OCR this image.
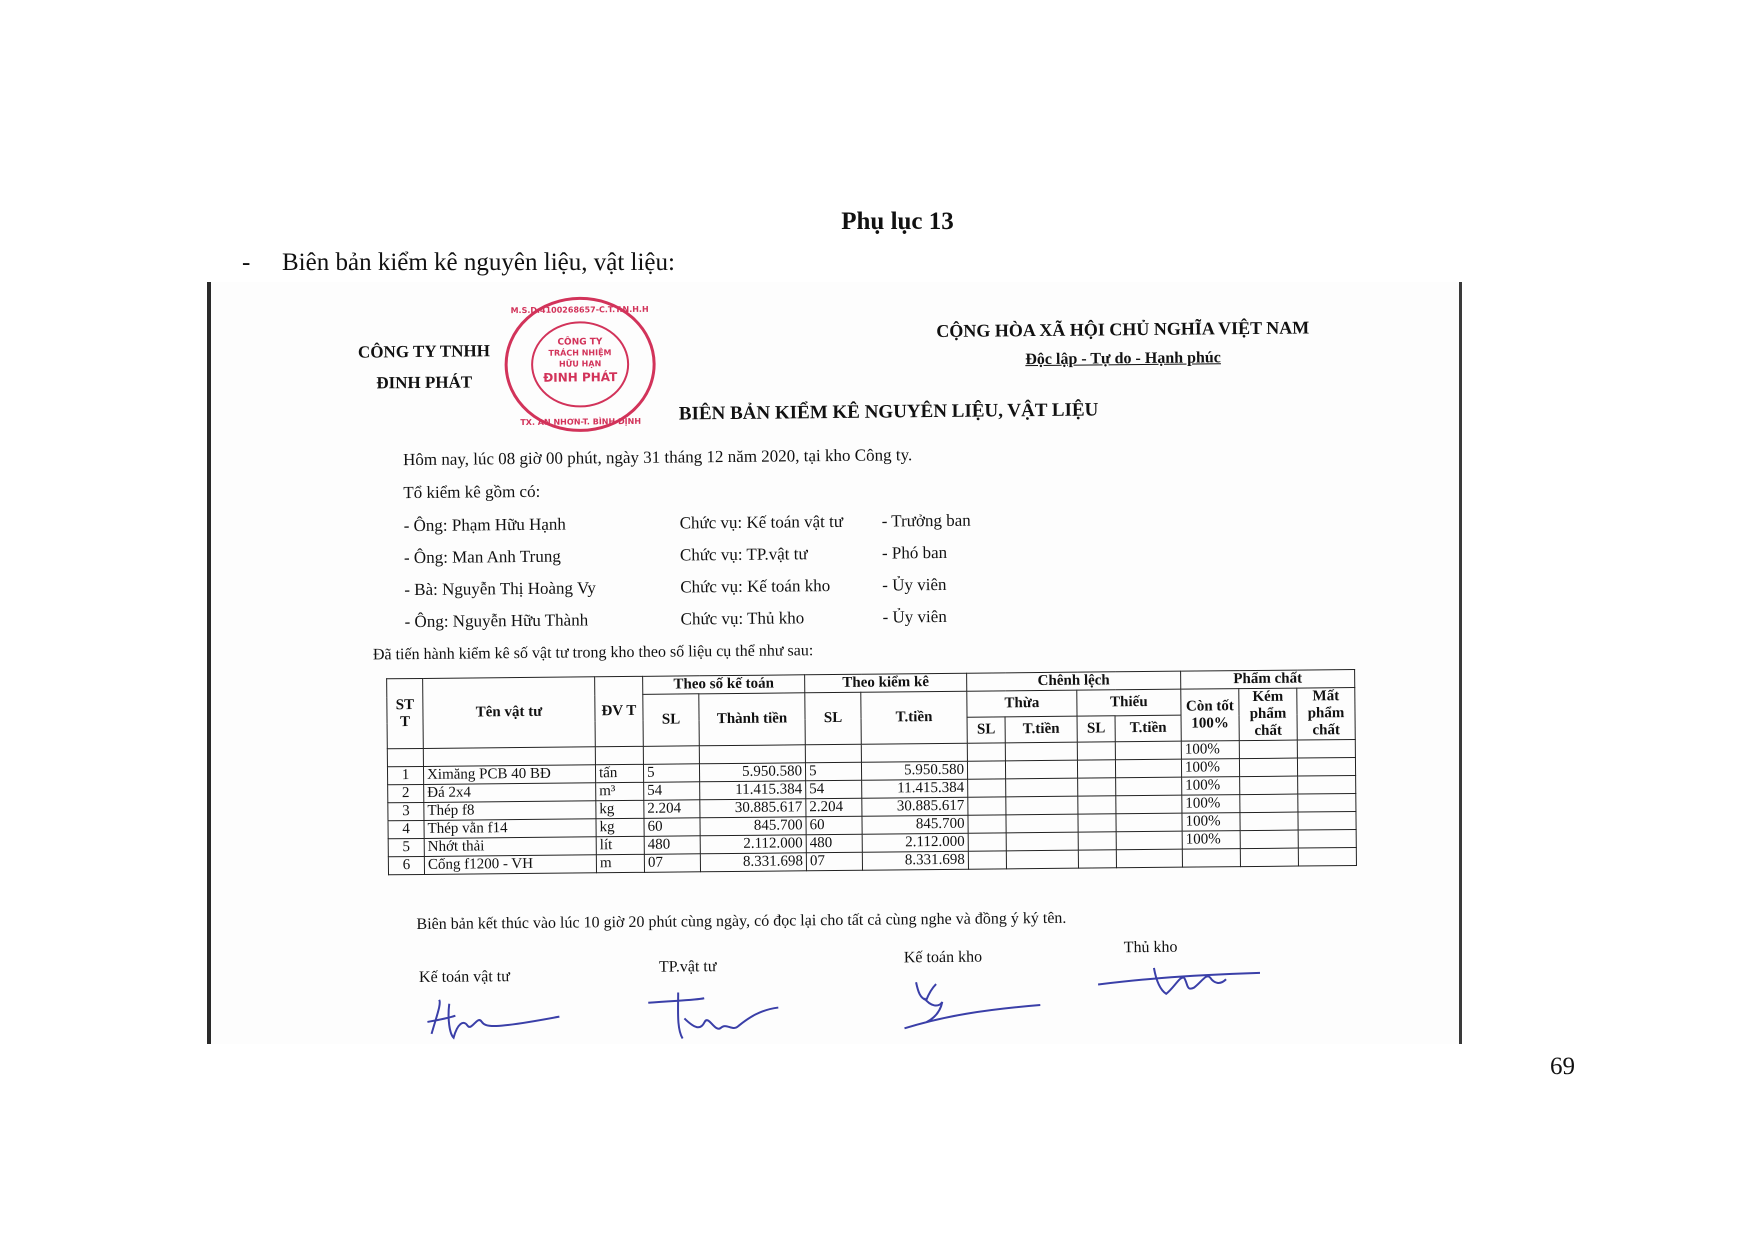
Phụ lục 13
- Biên bản kiểm kê nguyên liệu, vật liệu:
CÔNG TY TNHH
ĐINH PHÁT
CÔNG TY
TRÁCH NHIỆM
HỮU HẠN
ĐINH PHÁT
M.S.D.4100268657-C.T.T.N.H.H
TX. AN NHƠN-T. BÌNH ĐỊNH
CỘNG HÒA XÃ HỘI CHỦ NGHĨA VIỆT NAM
Độc lập - Tự do - Hạnh phúc
BIÊN BẢN KIỂM KÊ NGUYÊN LIỆU, VẬT LIỆU
Hôm nay, lúc 08 giờ 00 phút, ngày 31 tháng 12 năm 2020, tại kho Công ty.
Tổ kiểm kê gồm có:
- Ông: Phạm Hữu Hạnh	Chức vụ: Kế toán vật tư - Trưởng ban
- Ông: Man Anh Trung	Chức vụ: TP.vật tư	- Phó ban
- Bà: Nguyễn Thị Hoàng Vy	Chức vụ: Kế toán kho	- Ủy viên
- Ông: Nguyễn Hữu Thành	Chức vụ: Thủ kho	- Ủy viên
Đã tiến hành kiểm kê số vật tư trong kho theo số liệu cụ thể như sau:
ST T	Tên vật tư	ĐV T	Theo số kế toán		Theo kiểm kê		Chênh lệch				Phẩm chất		
			SL	Thành tiền	SL	T.tiền	Thừa		Thiếu		Còn tốt 100%	Kém phẩm chất	Mất phẩm chất
							SL	T.tiền	SL	T.tiền			
											100%		
1	Ximăng PCB 40 BĐ	tấn	5	5.950.580	5	5.950.580					100%		
2	Đá 2x4	m³	54	11.415.384	54	11.415.384					100%		
3	Thép f8	kg	2.204	30.885.617	2.204	30.885.617					100%		
4	Thép vằn f14	kg	60	845.700	60	845.700					100%		
5	Nhớt thải	lít	480	2.112.000	480	2.112.000					100%		
6	Cống f1200 - VH	m	07	8.331.698	07	8.331.698							
Biên bản kết thúc vào lúc 10 giờ 20 phút cùng ngày, có đọc lại cho tất cả cùng nghe và đồng ý ký tên.
Kế toán vật tư
TP.vật tư
Kế toán kho
Thủ kho
69
